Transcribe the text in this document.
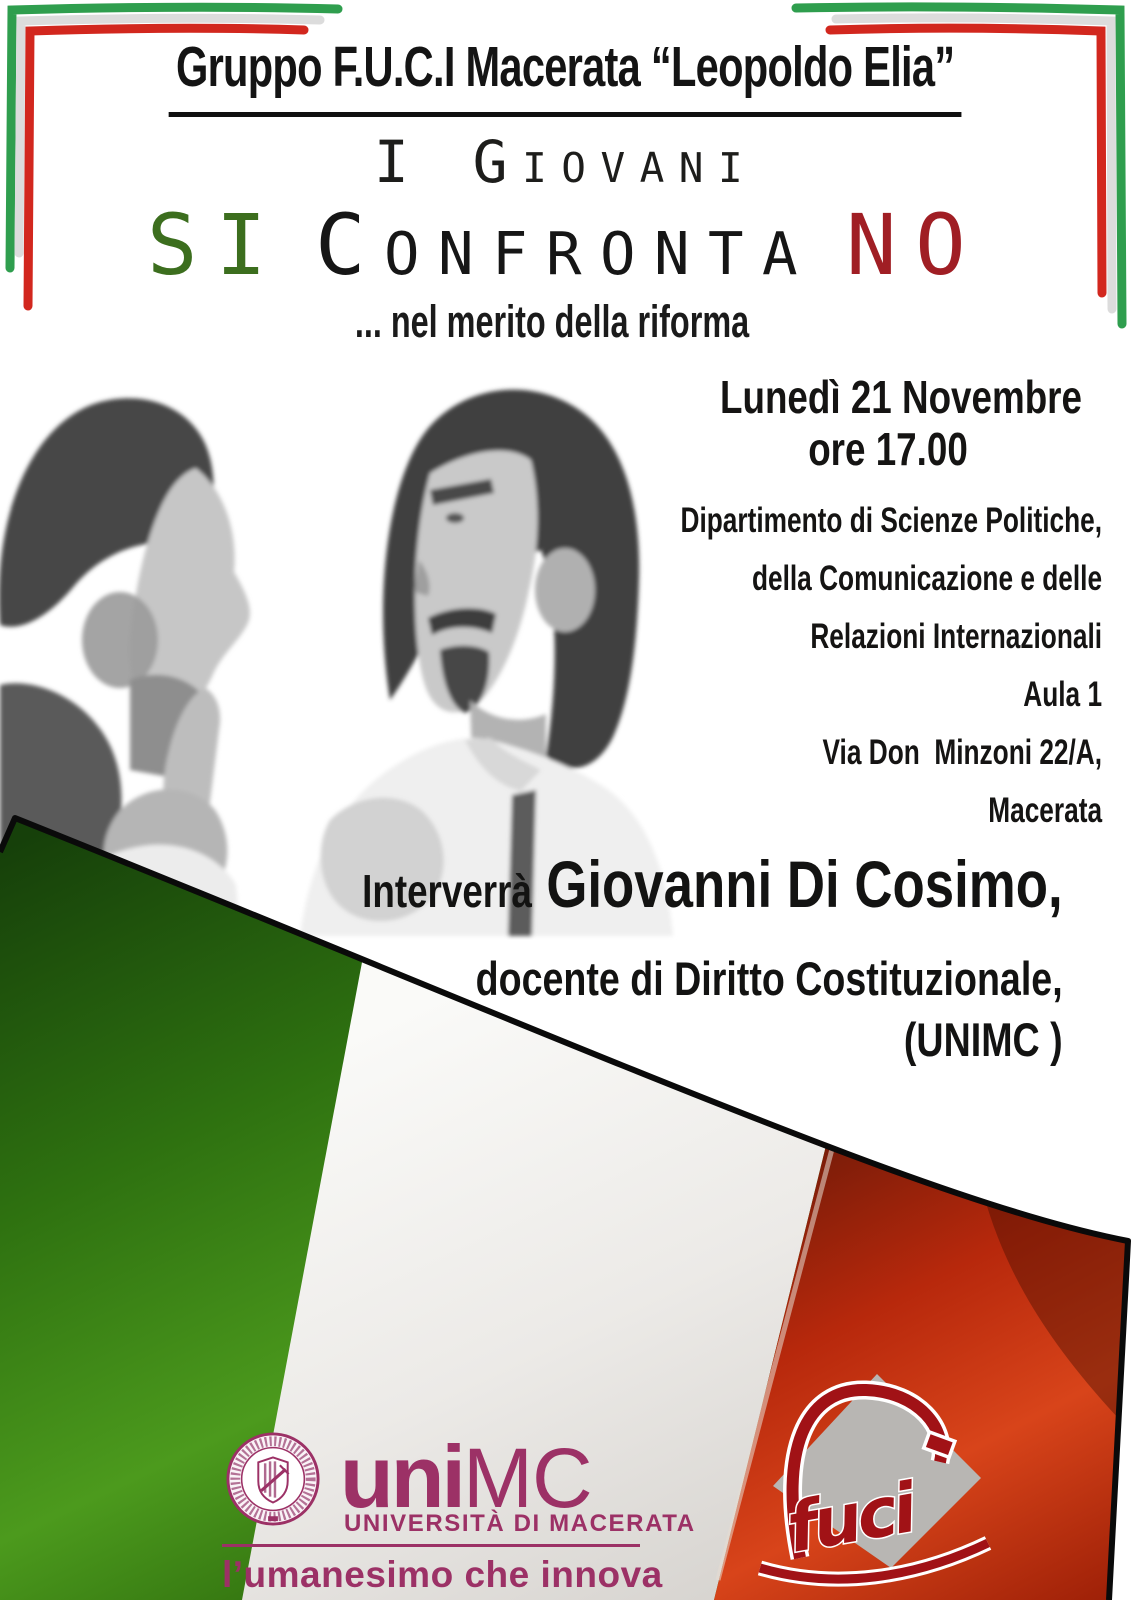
Gruppo F.U.C.I Macerata “Leopoldo Elia”
I Giovani
SI Confronta NO
... nel merito della riforma
Lunedì 21 Novembre
ore 17.00
Dipartimento di Scienze Politiche,
della Comunicazione e delle
Relazioni Internazionali
Aula 1
Via Don  Minzoni 22/A,
Macerata
Interverrà Giovanni Di Cosimo,
docente di Diritto Costituzionale,
(UNIMC )
uniMC
UNIVERSITÀ DI MACERATA
l’umanesimo che innova
fuci
